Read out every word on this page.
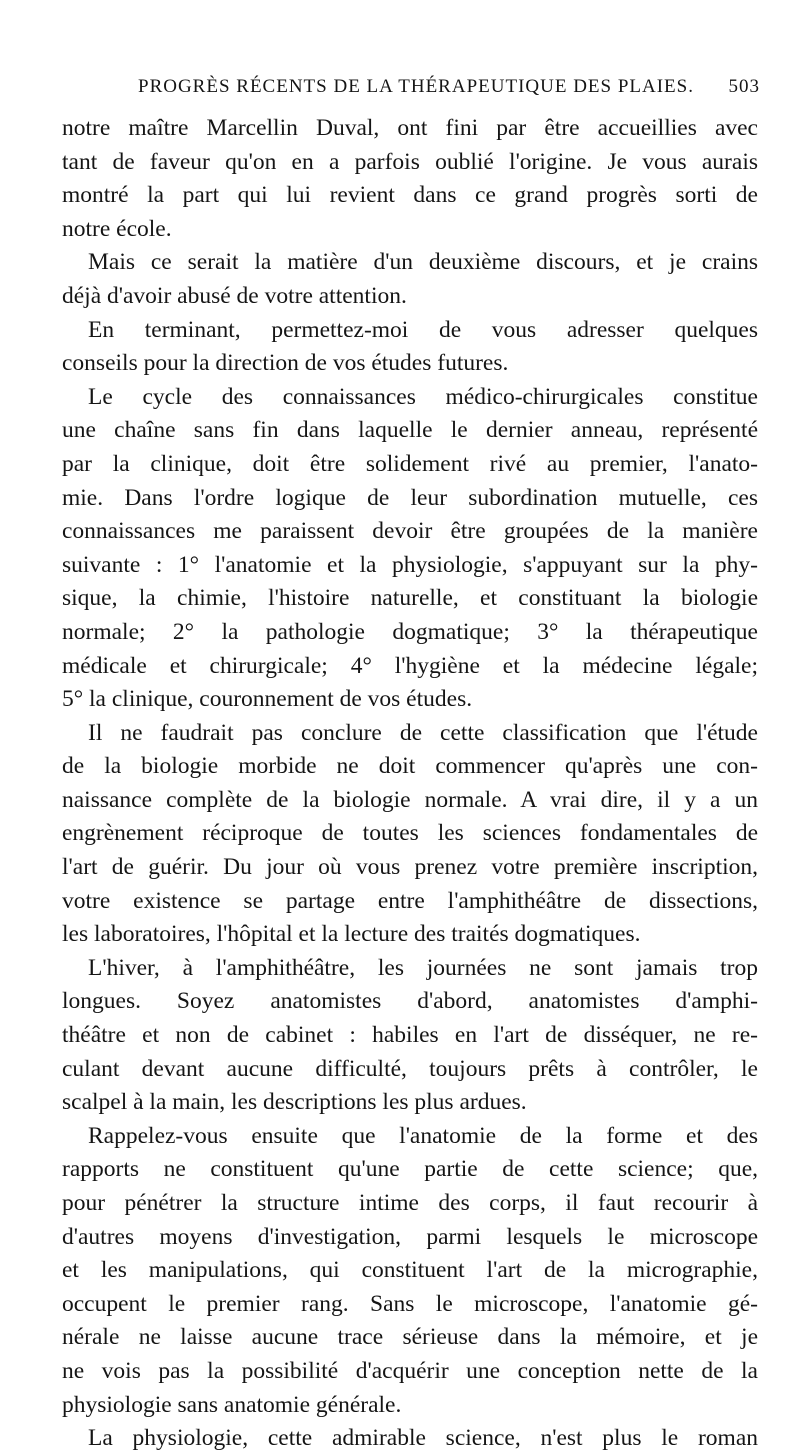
PROGRÈS RÉCENTS DE LA THÉRAPEUTIQUE DES PLAIES. 503
notre maître Marcellin Duval, ont fini par être accueillies avec
tant de faveur qu'on en a parfois oublié l'origine. Je vous aurais
montré la part qui lui revient dans ce grand progrès sorti de
notre école.
Mais ce serait la matière d'un deuxième discours, et je crains
déjà d'avoir abusé de votre attention.
En terminant, permettez-moi de vous adresser quelques
conseils pour la direction de vos études futures.
Le cycle des connaissances médico-chirurgicales constitue
une chaîne sans fin dans laquelle le dernier anneau, représenté
par la clinique, doit être solidement rivé au premier, l'anato-
mie. Dans l'ordre logique de leur subordination mutuelle, ces
connaissances me paraissent devoir être groupées de la manière
suivante : 1° l'anatomie et la physiologie, s'appuyant sur la phy-
sique, la chimie, l'histoire naturelle, et constituant la biologie
normale; 2° la pathologie dogmatique; 3° la thérapeutique
médicale et chirurgicale; 4° l'hygiène et la médecine légale;
5° la clinique, couronnement de vos études.
Il ne faudrait pas conclure de cette classification que l'étude
de la biologie morbide ne doit commencer qu'après une con-
naissance complète de la biologie normale. A vrai dire, il y a un
engrènement réciproque de toutes les sciences fondamentales de
l'art de guérir. Du jour où vous prenez votre première inscription,
votre existence se partage entre l'amphithéâtre de dissections,
les laboratoires, l'hôpital et la lecture des traités dogmatiques.
L'hiver, à l'amphithéâtre, les journées ne sont jamais trop
longues. Soyez anatomistes d'abord, anatomistes d'amphi-
théâtre et non de cabinet : habiles en l'art de disséquer, ne re-
culant devant aucune difficulté, toujours prêts à contrôler, le
scalpel à la main, les descriptions les plus ardues.
Rappelez-vous ensuite que l'anatomie de la forme et des
rapports ne constituent qu'une partie de cette science; que,
pour pénétrer la structure intime des corps, il faut recourir à
d'autres moyens d'investigation, parmi lesquels le microscope
et les manipulations, qui constituent l'art de la micrographie,
occupent le premier rang. Sans le microscope, l'anatomie gé-
nérale ne laisse aucune trace sérieuse dans la mémoire, et je
ne vois pas la possibilité d'acquérir une conception nette de la
physiologie sans anatomie générale.
La physiologie, cette admirable science, n'est plus le roman
